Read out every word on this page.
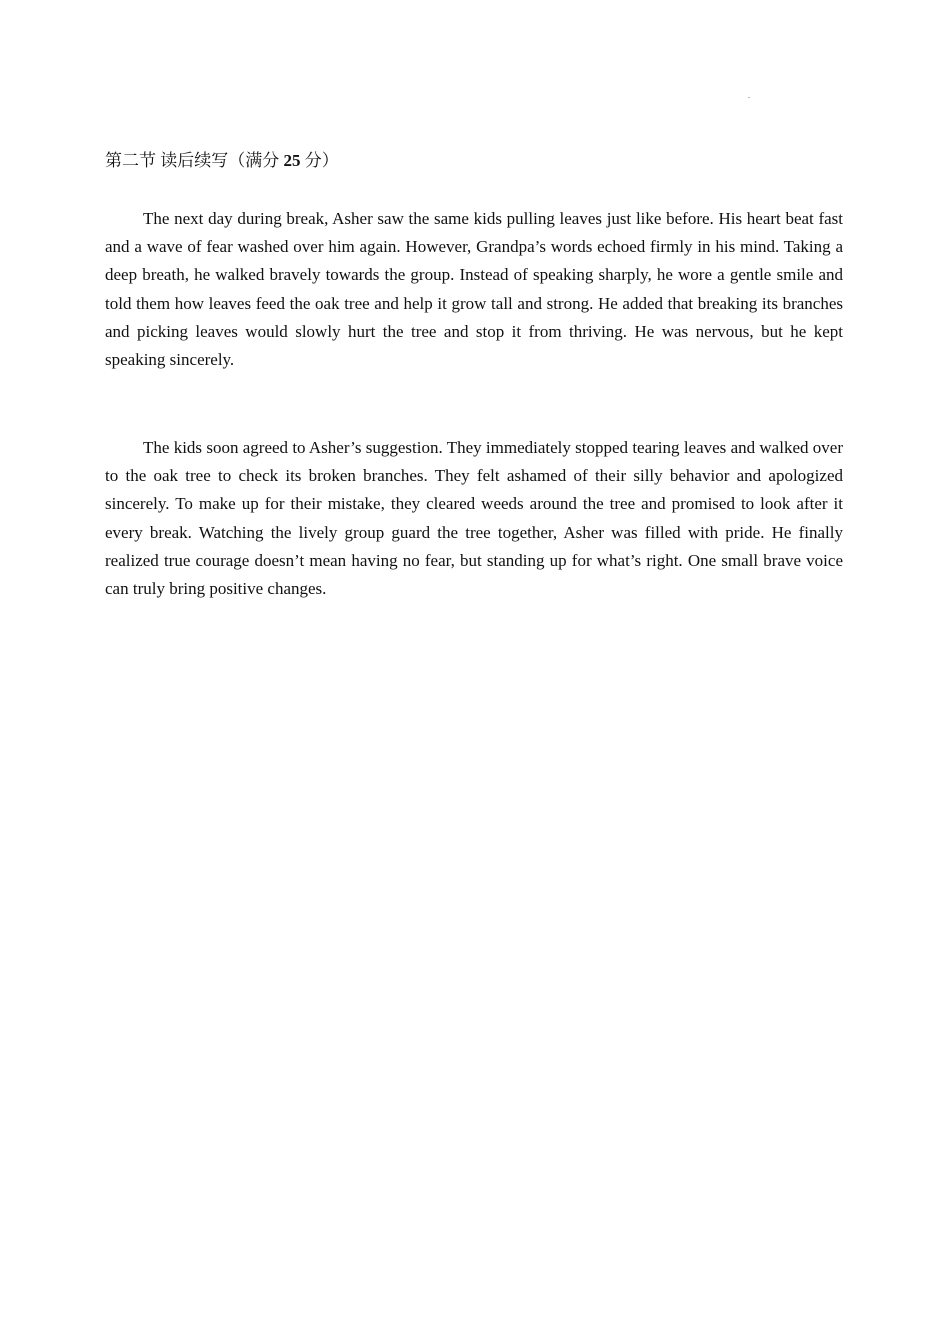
第二节 读后续写（满分 25 分）

The next day during break, Asher saw the same kids pulling leaves just like before. His heart beat fast and a wave of fear washed over him again. However, Grandpa’s words echoed firmly in his mind. Taking a deep breath, he walked bravely towards the group. Instead of speaking sharply, he wore a gentle smile and told them how leaves feed the oak tree and help it grow tall and strong. He added that breaking its branches and picking leaves would slowly hurt the tree and stop it from thriving. He was nervous, but he kept speaking sincerely.

The kids soon agreed to Asher’s suggestion. They immediately stopped tearing leaves and walked over to the oak tree to check its broken branches. They felt ashamed of their silly behavior and apologized sincerely. To make up for their mistake, they cleared weeds around the tree and promised to look after it every break. Watching the lively group guard the tree together, Asher was filled with pride. He finally realized true courage doesn’t mean having no fear, but standing up for what’s right. One small brave voice can truly bring positive changes.
